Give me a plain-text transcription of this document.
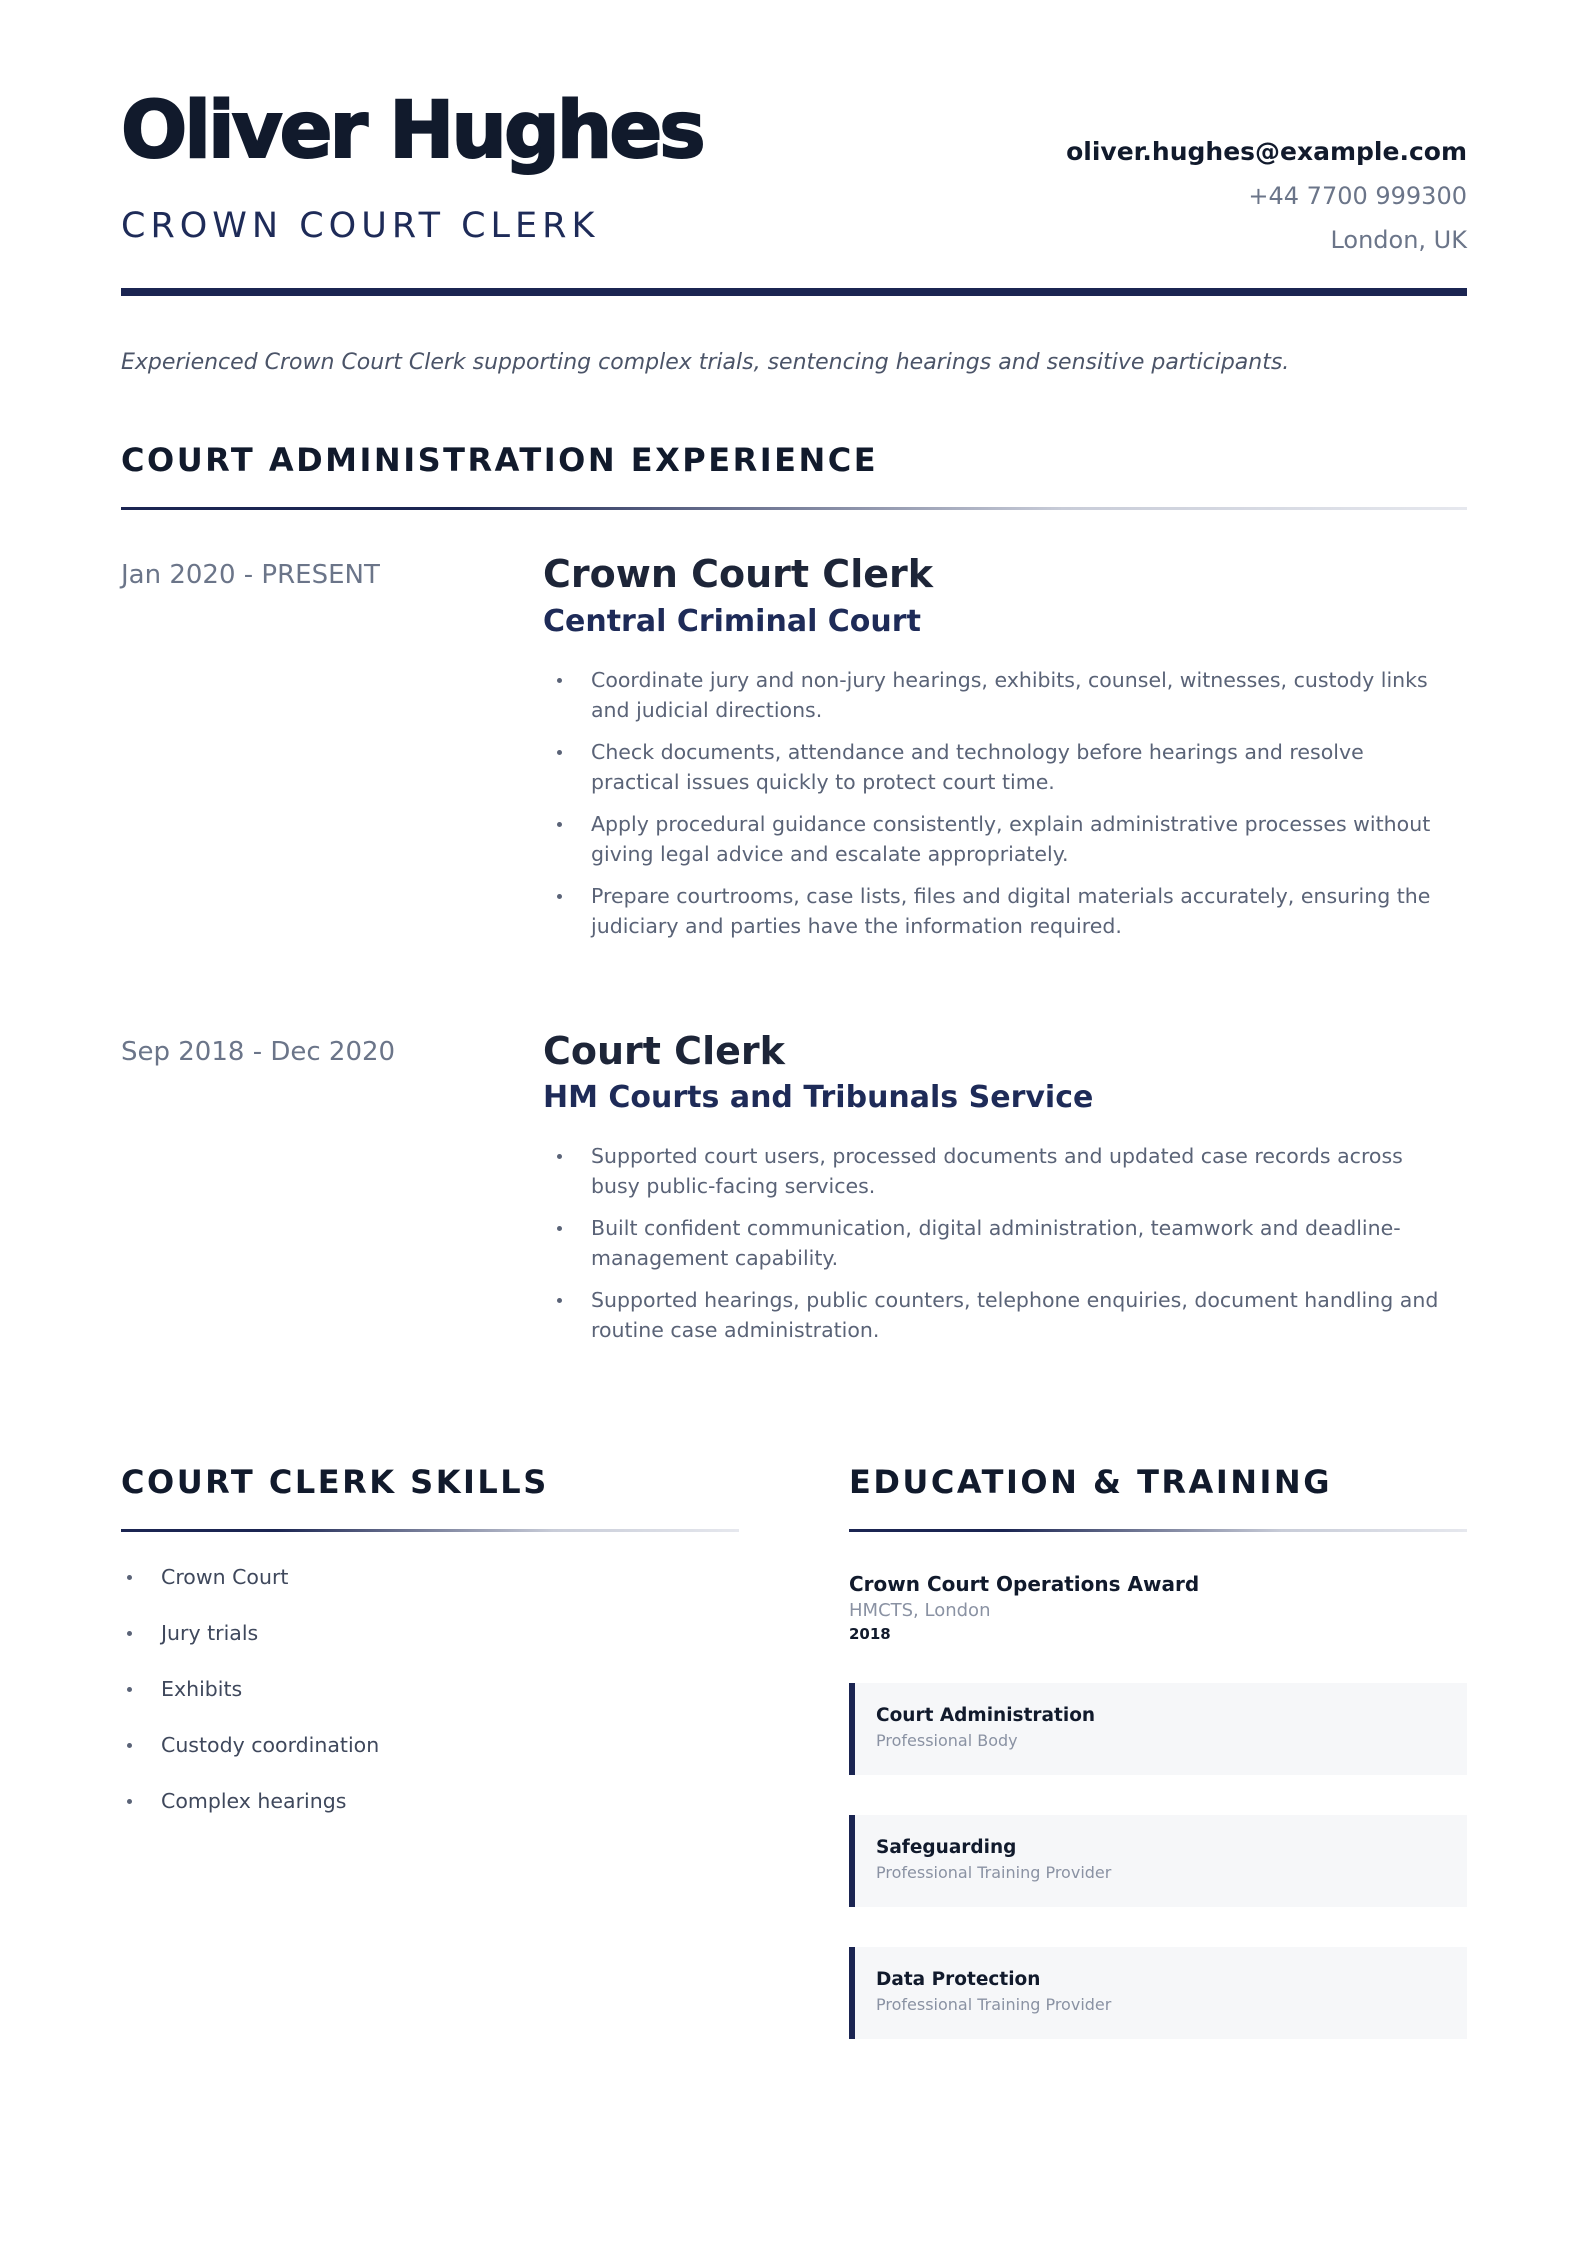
Oliver Hughes
CROWN COURT CLERK
oliver.hughes@example.com
+44 7700 999300
London, UK
Experienced Crown Court Clerk supporting complex trials, sentencing hearings and sensitive participants.
COURT ADMINISTRATION EXPERIENCE
Jan 2020 - PRESENT	Crown Court Clerk
Central Criminal Court
Coordinate jury and non-jury hearings, exhibits, counsel, witnesses, custody links and judicial directions.
Check documents, attendance and technology before hearings and resolve practical issues quickly to protect court time.
Apply procedural guidance consistently, explain administrative processes without giving legal advice and escalate appropriately.
Prepare courtrooms, case lists, files and digital materials accurately, ensuring the judiciary and parties have the information required.
Sep 2018 - Dec 2020	Court Clerk
HM Courts and Tribunals Service
Supported court users, processed documents and updated case records across busy public-facing services.
Built confident communication, digital administration, teamwork and deadline-management capability.
Supported hearings, public counters, telephone enquiries, document handling and routine case administration.
COURT CLERK SKILLS
Crown Court
Jury trials
Exhibits
Custody coordination
Complex hearings
EDUCATION & TRAINING
Crown Court Operations Award
HMCTS, London
2018
Court Administration
Professional Body
Safeguarding
Professional Training Provider
Data Protection
Professional Training Provider
